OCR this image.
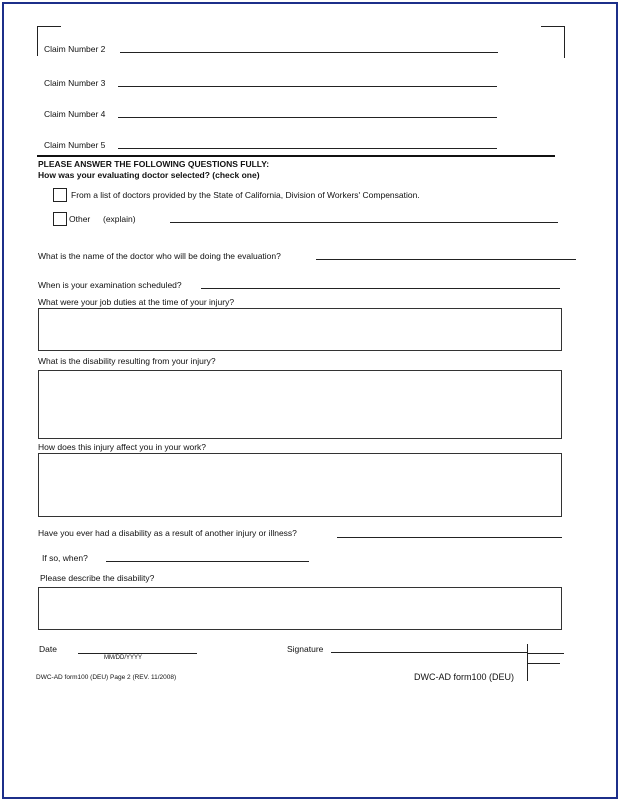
Claim Number 2
Claim Number 3
Claim Number 4
Claim Number 5
PLEASE ANSWER THE FOLLOWING QUESTIONS FULLY:
How was your evaluating doctor selected? (check one)
From a list of doctors provided by the State of California, Division of Workers' Compensation.
Other (explain)
What is the name of the doctor who will be doing the evaluation?
When is your examination scheduled?
What were your job duties at the time of your injury?
What is the disability resulting from your injury?
How does this injury affect you in your work?
Have you ever had a disability as a result of another injury or illness?
If so, when?
Please describe the disability?
Date
MM/DD/YYYY
Signature
DWC-AD form100 (DEU) Page 2 (REV. 11/2008)	DWC-AD form100 (DEU)
